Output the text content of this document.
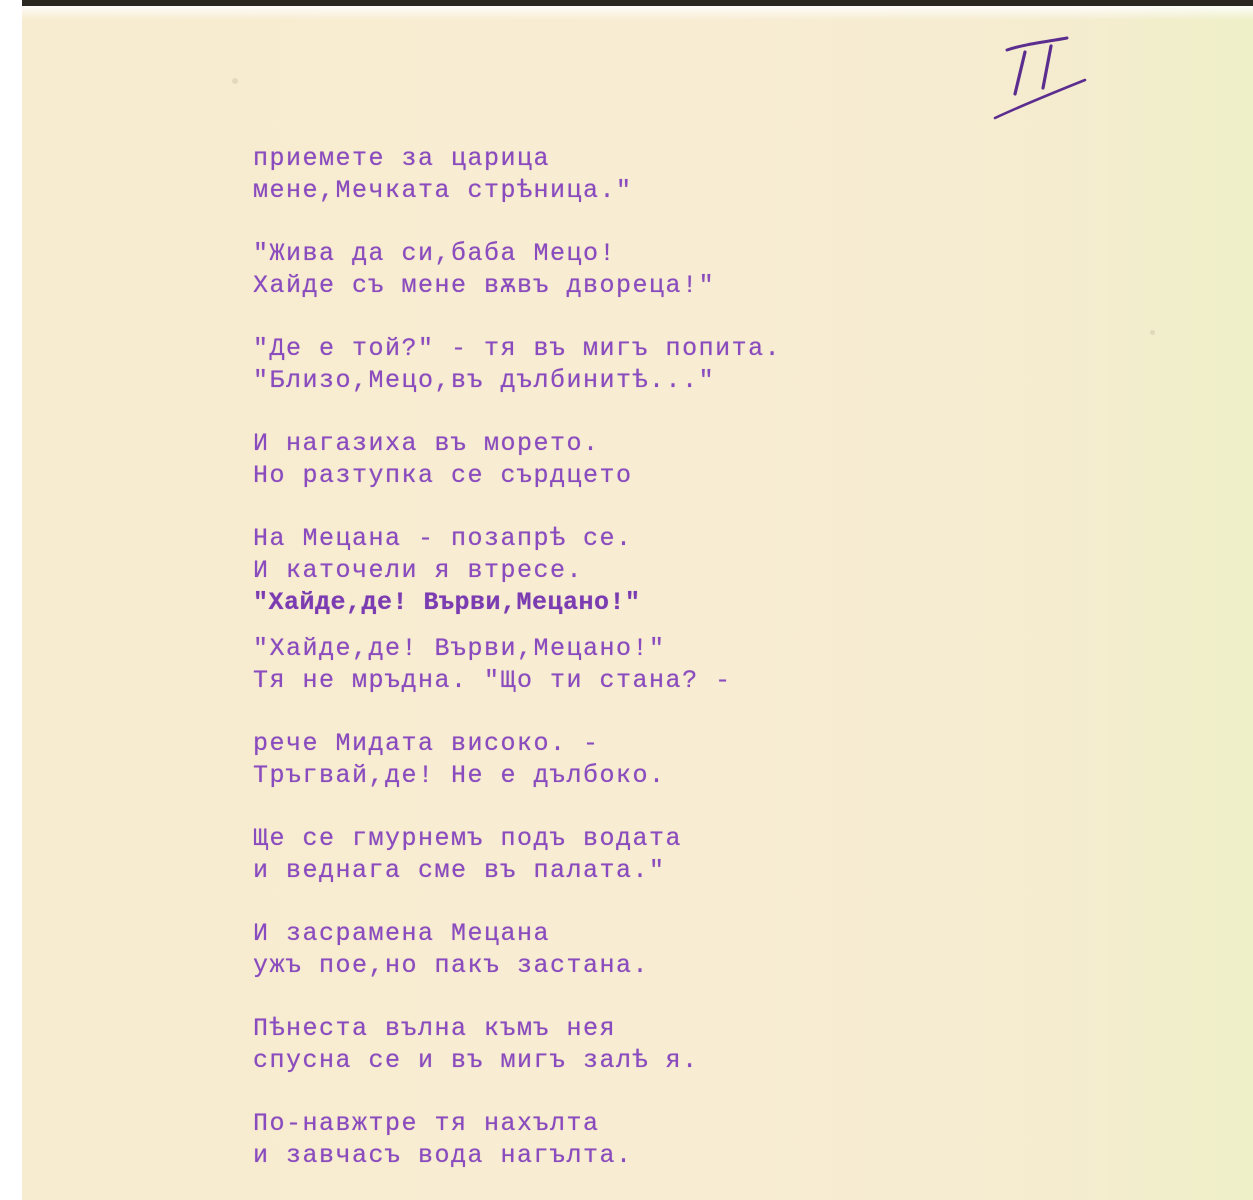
приемете за царица
мене,Мечката стрѣница."
"Жива да си,баба Мецо!
Хайде съ мене вѫвъ двореца!"
"Де е той?" - тя въ мигъ попита.
"Близо,Мецо,въ дълбинитѣ..."
И нагазиха въ морето.
Но разтупка се сърдцето
На Мецана - позапрѣ се.
И каточели я втресе.
"Хайде,де! Върви,Мецано!"
"Хайде,де! Върви,Мецано!"
Тя не мръдна. "Що ти стана? -
рече Мидата високо. -
Тръгвай,де! Не е дълбоко.
Ще се гмурнемъ подъ водата
и веднага сме въ палата."
И засрамена Мецана
ужъ пое,но пакъ застана.
Пѣнеста вълна къмъ нея
спусна се и въ мигъ залѣ я.
По-навжтре тя нахълта
и завчасъ вода нагълта.
